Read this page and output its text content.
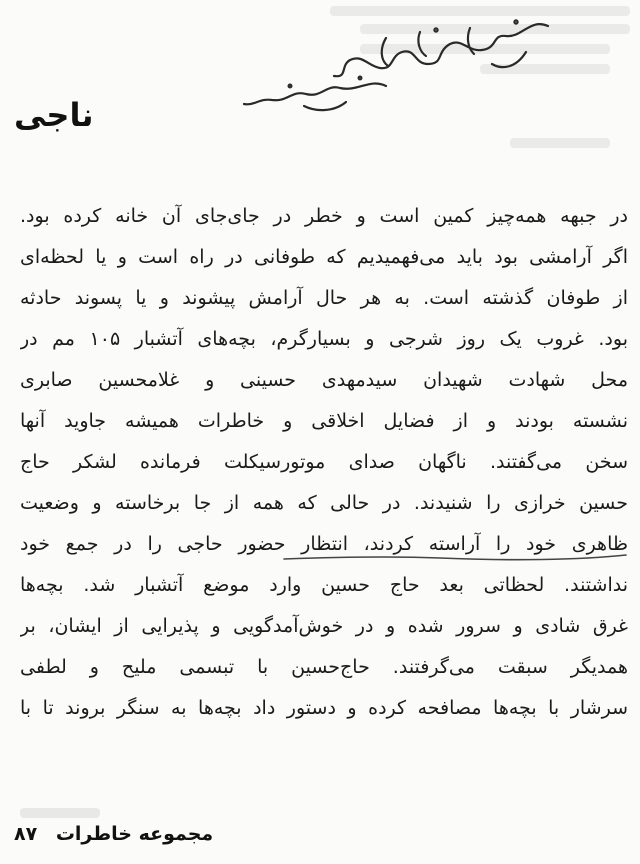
ناجی
در جبهه همه‌چیز کمین است و خطر در جای‌جای آن خانه کرده بود.
اگر آرامشی بود باید می‌فهمیدیم که طوفانی در راه است و یا لحظه‌ای
از طوفان گذشته است. به هر حال آرامش پیشوند و یا پسوند حادثه
بود. غروب یک روز شرجی و بسیارگرم، بچه‌های آتشبار ۱۰۵ مم در
محل شهادت شهیدان سیدمهدی حسینی و غلامحسین صابری
نشسته بودند و از فضایل اخلاقی و خاطرات همیشه جاوید آنها
سخن می‌گفتند. ناگهان صدای موتورسیکلت فرمانده لشکر حاج
حسین خرازی را شنیدند. در حالی که همه از جا برخاسته و وضعیت
ظاهری خود را آراسته کردند، انتظار حضور حاجی را در جمع خود
نداشتند. لحظاتی بعد حاج حسین وارد موضع آتشبار شد. بچه‌ها
غرق شادی و سرور شده و در خوش‌آمدگویی و پذیرایی از ایشان، بر
همدیگر سبقت می‌گرفتند. حاج‌حسین با تبسمی ملیح و لطفی
سرشار با بچه‌ها مصافحه کرده و دستور داد بچه‌ها به سنگر بروند تا با
مجموعه خاطرات ۸۷
